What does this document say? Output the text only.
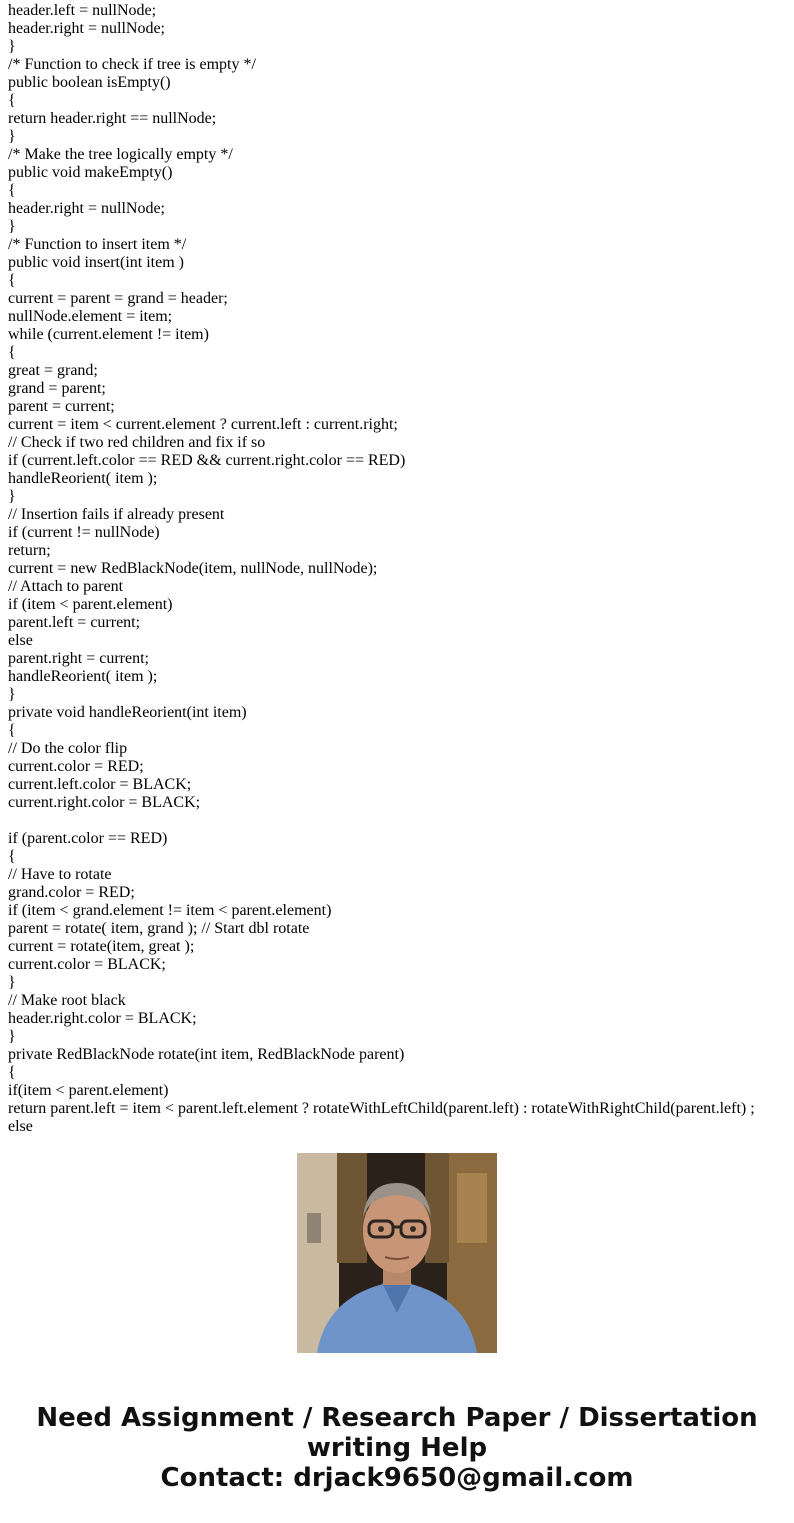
header.left = nullNode;
header.right = nullNode;
}
/* Function to check if tree is empty */
public boolean isEmpty()
{
return header.right == nullNode;
}
/* Make the tree logically empty */
public void makeEmpty()
{
header.right = nullNode;
}
/* Function to insert item */
public void insert(int item )
{
current = parent = grand = header;
nullNode.element = item;
while (current.element != item)
{
great = grand;
grand = parent;
parent = current;
current = item < current.element ? current.left : current.right;
// Check if two red children and fix if so
if (current.left.color == RED && current.right.color == RED)
handleReorient( item );
}
// Insertion fails if already present
if (current != nullNode)
return;
current = new RedBlackNode(item, nullNode, nullNode);
// Attach to parent
if (item < parent.element)
parent.left = current;
else
parent.right = current;
handleReorient( item );
}
private void handleReorient(int item)
{
// Do the color flip
current.color = RED;
current.left.color = BLACK;
current.right.color = BLACK;
if (parent.color == RED)
{
// Have to rotate
grand.color = RED;
if (item < grand.element != item < parent.element)
parent = rotate( item, grand ); // Start dbl rotate
current = rotate(item, great );
current.color = BLACK;
}
// Make root black
header.right.color = BLACK;
}
private RedBlackNode rotate(int item, RedBlackNode parent)
{
if(item < parent.element)
return parent.left = item < parent.left.element ? rotateWithLeftChild(parent.left) : rotateWithRightChild(parent.left) ;
else
Need Assignment / Research Paper / Dissertation
writing Help
Contact: drjack9650@gmail.com
